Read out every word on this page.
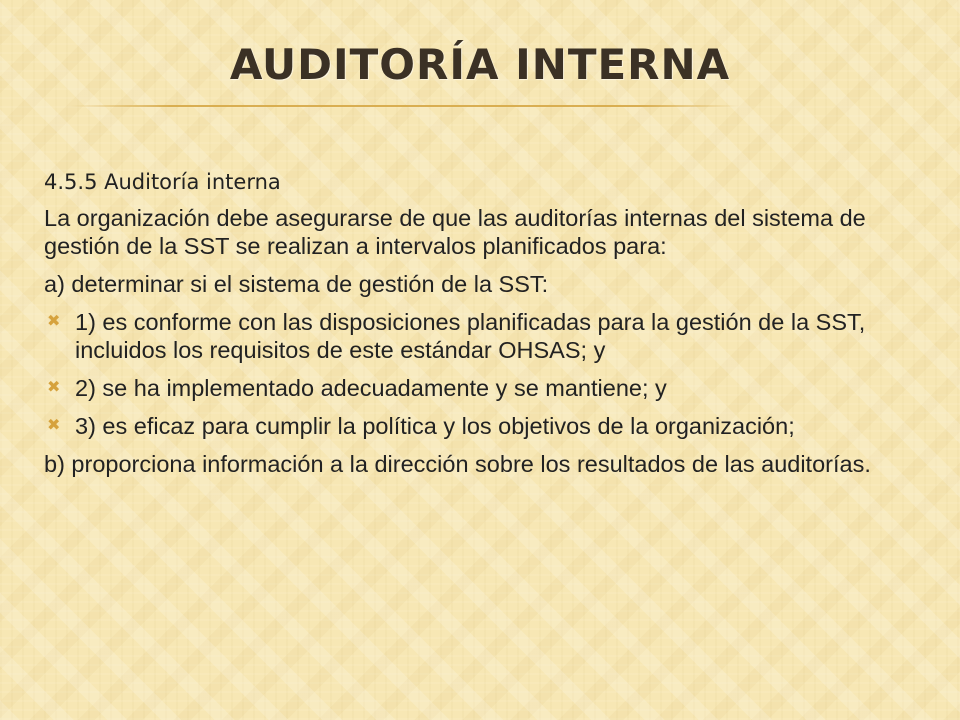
AUDITORÍA INTERNA

4.5.5 Auditoría interna

La organización debe asegurarse de que las auditorías internas del sistema de gestión de la SST se realizan a intervalos planificados para:

a) determinar si el sistema de gestión de la SST:

✖ 1) es conforme con las disposiciones planificadas para la gestión de la SST, incluidos los requisitos de este estándar OHSAS; y
✖ 2) se ha implementado adecuadamente y se mantiene; y
✖ 3) es eficaz para cumplir la política y los objetivos de la organización;

b) proporciona información a la dirección sobre los resultados de las auditorías.
